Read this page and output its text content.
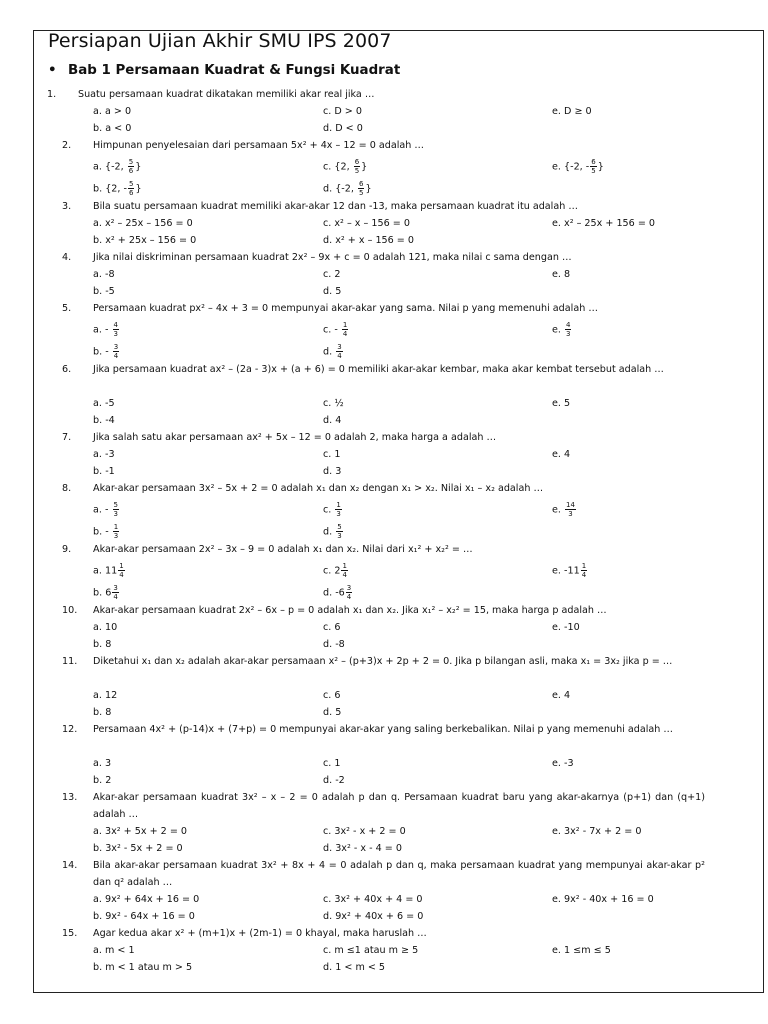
Persiapan Ujian Akhir SMU IPS 2007
• Bab 1 Persamaan Kuadrat & Fungsi Kuadrat
1. Suatu persamaan kuadrat dikatakan memiliki akar real jika …
a. a > 0
b. a < 0
c. D > 0
d. D < 0
e. D ≥ 0
2. Himpunan penyelesaian dari persamaan 5x² + 4x – 12 = 0 adalah …
a. {-2, $\frac{5}{6}$ }
b. {2, - $\frac{5}{6}$ }
c. {2, $\frac{6}{5}$ }
d. {-2, $\frac{6}{5}$ }
e. {-2, - $\frac{6}{5}$ }
3. Bila suatu persamaan kuadrat memiliki akar-akar 12 dan -13, maka persamaan kuadrat itu adalah …
a. x² – 25x – 156 = 0
b. x² + 25x – 156 = 0
c. x² – x – 156 = 0
d. x² + x – 156 = 0
e. x² – 25x + 156 = 0
4. Jika nilai diskriminan persamaan kuadrat 2x² – 9x + c = 0 adalah 121, maka nilai c sama dengan …
a. -8
b. -5
c. 2
d. 5
e. 8
5. Persamaan kuadrat px² – 4x + 3 = 0 mempunyai akar-akar yang sama. Nilai p yang memenuhi adalah …
a. - $\frac{4}{3}$
b. - $\frac{3}{4}$
c. - $\frac{1}{4}$
d. $\frac{3}{4}$
e. $\frac{4}{3}$
6. Jika persamaan kuadrat ax² – (2a - 3)x + (a + 6) = 0 memiliki akar-akar kembar, maka akar kembat tersebut adalah …
a. -5
b. -4
c. ½
d. 4
e. 5
7. Jika salah satu akar persamaan ax² + 5x – 12 = 0 adalah 2, maka harga a adalah …
a. -3
b. -1
c. 1
d. 3
e. 4
8. Akar-akar persamaan 3x² – 5x + 2 = 0 adalah x₁ dan x₂ dengan x₁ > x₂. Nilai x₁ – x₂ adalah …
a. - $\frac{5}{3}$
b. - $\frac{1}{3}$
c. $\frac{1}{3}$
d. $\frac{5}{3}$
e. $\frac{14}{3}$
9. Akar-akar persamaan 2x² – 3x – 9 = 0 adalah x₁ dan x₂. Nilai dari x₁² + x₂² = …
a. $11 \frac{1}{4}$
b. $6 \frac{3}{4}$
c. $2 \frac{1}{4}$
d. $-6 \frac{3}{4}$
e. $-11 \frac{1}{4}$
10. Akar-akar persamaan kuadrat 2x² – 6x – p = 0 adalah x₁ dan x₂. Jika x₁² – x₂² = 15, maka harga p adalah …
a. 10
b. 8
c. 6
d. -8
e. -10
11. Diketahui x₁ dan x₂ adalah akar-akar persamaan x² – (p+3)x + 2p + 2 = 0. Jika p bilangan asli, maka x₁ = 3x₂ jika p = …
a. 12
b. 8
c. 6
d. 5
e. 4
12. Persamaan 4x² + (p-14)x + (7+p) = 0 mempunyai akar-akar yang saling berkebalikan. Nilai p yang memenuhi adalah …
a. 3
b. 2
c. 1
d. -2
e. -3
13. Akar-akar persamaan kuadrat 3x² – x – 2 = 0 adalah p dan q. Persamaan kuadrat baru yang akar-akarnya (p+1) dan (q+1) adalah …
a. 3x² + 5x + 2 = 0
b. 3x² - 5x + 2 = 0
c. 3x² - x + 2 = 0
d. 3x² - x - 4 = 0
e. 3x² - 7x + 2 = 0
14. Bila akar-akar persamaan kuadrat 3x² + 8x + 4 = 0 adalah p dan q, maka persamaan kuadrat yang mempunyai akar-akar p² dan q² adalah …
a. 9x² + 64x + 16 = 0
b. 9x² - 64x + 16 = 0
c. 3x² + 40x + 4 = 0
d. 9x² + 40x + 6 = 0
e. 9x² - 40x + 16 = 0
15. Agar kedua akar x² + (m+1)x + (2m-1) = 0 khayal, maka haruslah …
a. m < 1
b. m < 1 atau m > 5
c. m ≤1 atau m ≥ 5
d. 1 < m < 5
e. 1 ≤m ≤ 5
